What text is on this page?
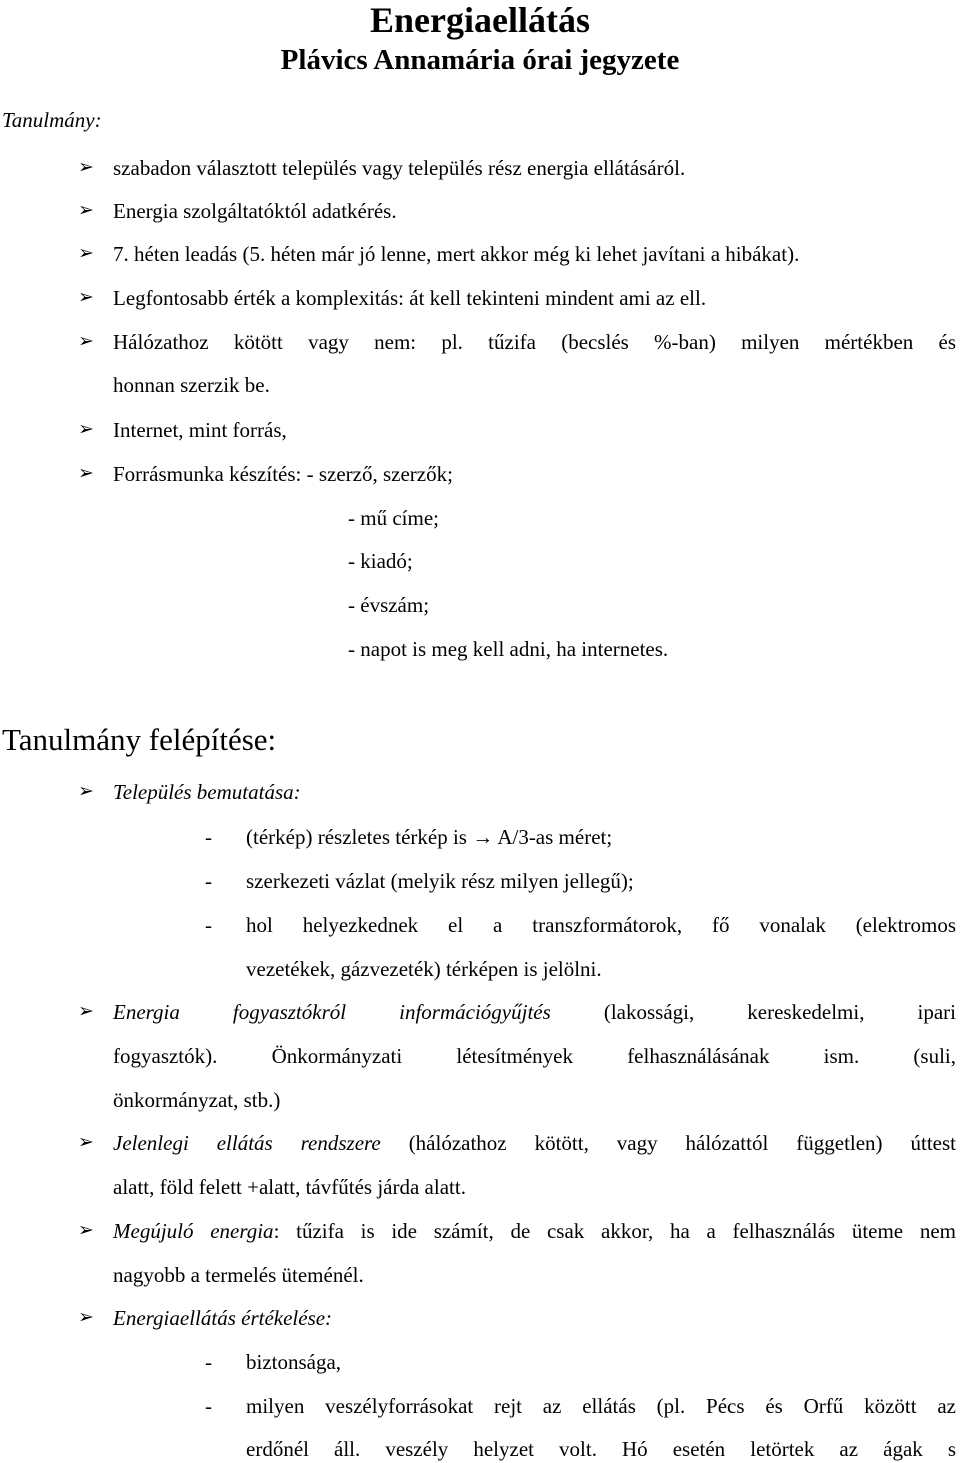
Energiaellátás
Plávics Annamária órai jegyzete
Tanulmány:
➢ szabadon választott település vagy település rész energia ellátásáról.
➢ Energia szolgáltatóktól adatkérés.
➢ 7. héten leadás (5. héten már jó lenne, mert akkor még ki lehet javítani a hibákat).
➢ Legfontosabb érték a komplexitás: át kell tekinteni mindent ami az ell.
➢ Hálózathoz kötött vagy nem: pl. tűzifa (becslés %-ban) milyen mértékben és
honnan szerzik be.
➢ Internet, mint forrás,
➢ Forrásmunka készítés: - szerző, szerzők;
- mű címe;
- kiadó;
- évszám;
- napot is meg kell adni, ha internetes.
Tanulmány felépítése:
➢ Település bemutatása:
- (térkép) részletes térkép is → A/3-as méret;
- szerkezeti vázlat (melyik rész milyen jellegű);
- hol helyezkednek el a transzformátorok, fő vonalak (elektromos
vezetékek, gázvezeték) térképen is jelölni.
➢ Energia fogyasztókról információgyűjtés	(lakossági, kereskedelmi, ipari
fogyasztók). Önkormányzati létesítmények felhasználásának ism. (suli,
önkormányzat, stb.)
➢ Jelenlegi ellátás rendszere (hálózathoz kötött, vagy hálózattól független) úttest
alatt, föld felett +alatt, távfűtés járda alatt.
➢ Megújuló energia: tűzifa is ide számít, de csak akkor, ha a felhasználás üteme nem
nagyobb a termelés üteménél.
➢ Energiaellátás értékelése:
- biztonsága,
- milyen veszélyforrásokat rejt az ellátás (pl. Pécs és Orfű között az
erdőnél áll. veszély helyzet volt. Hó esetén letörtek az ágak s
